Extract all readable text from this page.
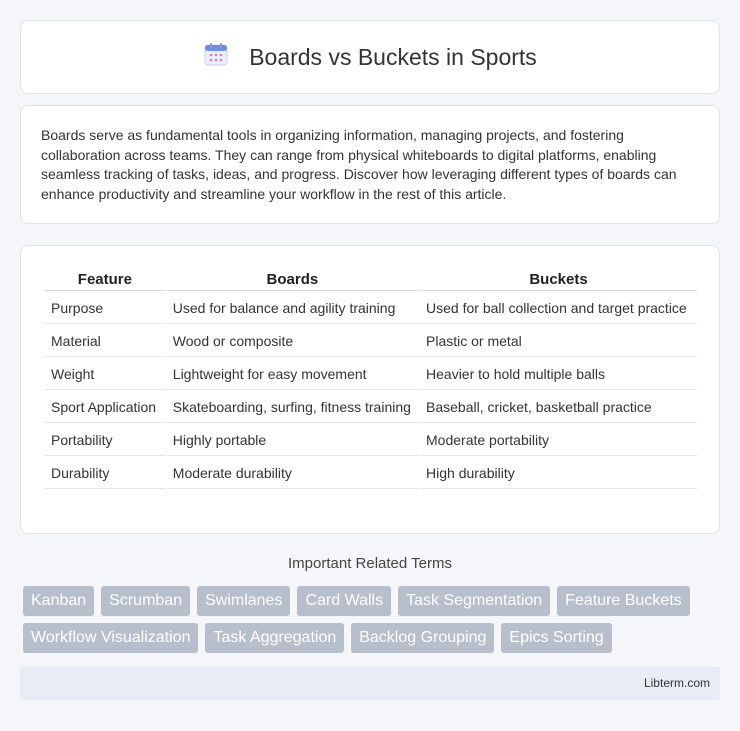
Boards vs Buckets in Sports

Boards serve as fundamental tools in organizing information, managing projects, and fostering collaboration across teams. They can range from physical whiteboards to digital platforms, enabling seamless tracking of tasks, ideas, and progress. Discover how leveraging different types of boards can enhance productivity and streamline your workflow in the rest of this article.

Feature	Boards	Buckets
Purpose	Used for balance and agility training	Used for ball collection and target practice
Material	Wood or composite	Plastic or metal
Weight	Lightweight for easy movement	Heavier to hold multiple balls
Sport Application	Skateboarding, surfing, fitness training	Baseball, cricket, basketball practice
Portability	Highly portable	Moderate portability
Durability	Moderate durability	High durability
Important Related Terms
Kanban	Scrumban	Swimlanes	Card Walls	Task Segmentation	Feature Buckets
Workflow Visualization	Task Aggregation	Backlog Grouping	Epics Sorting
Libterm.com
